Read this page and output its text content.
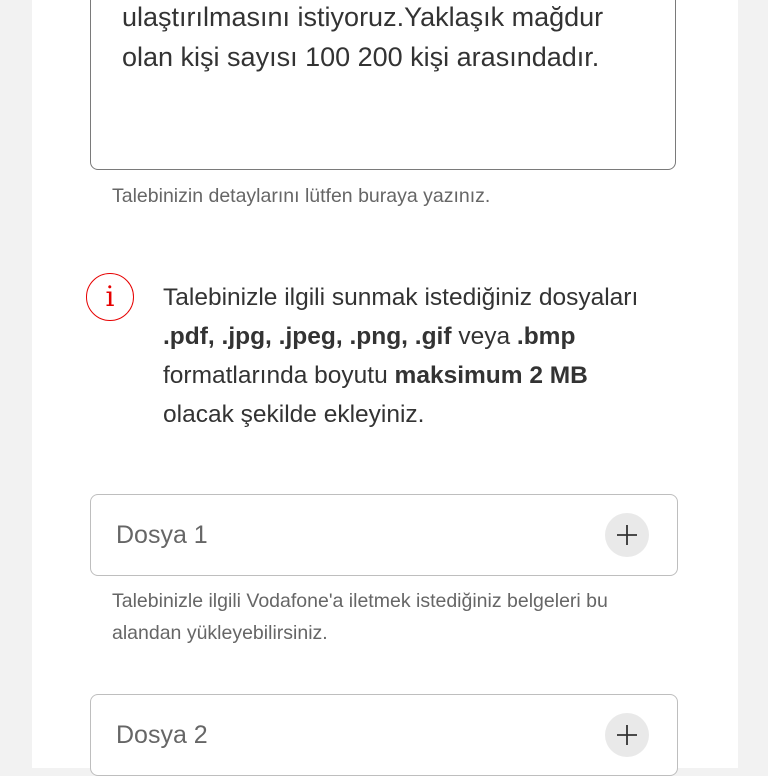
ulaştırılmasını istiyoruz.Yaklaşık mağdur
olan kişi sayısı 100 200 kişi arasındadır.
Talebinizin detaylarını lütfen buraya yazınız.
i	Talebinizle ilgili sunmak istediğiniz dosyaları
.pdf, .jpg, .jpeg, .png, .gif veya .bmp
formatlarında boyutu maksimum 2 MB
olacak şekilde ekleyiniz.
Dosya 1
Talebinizle ilgili Vodafone'a iletmek istediğiniz belgeleri bu alandan yükleyebilirsiniz.
Dosya 2
